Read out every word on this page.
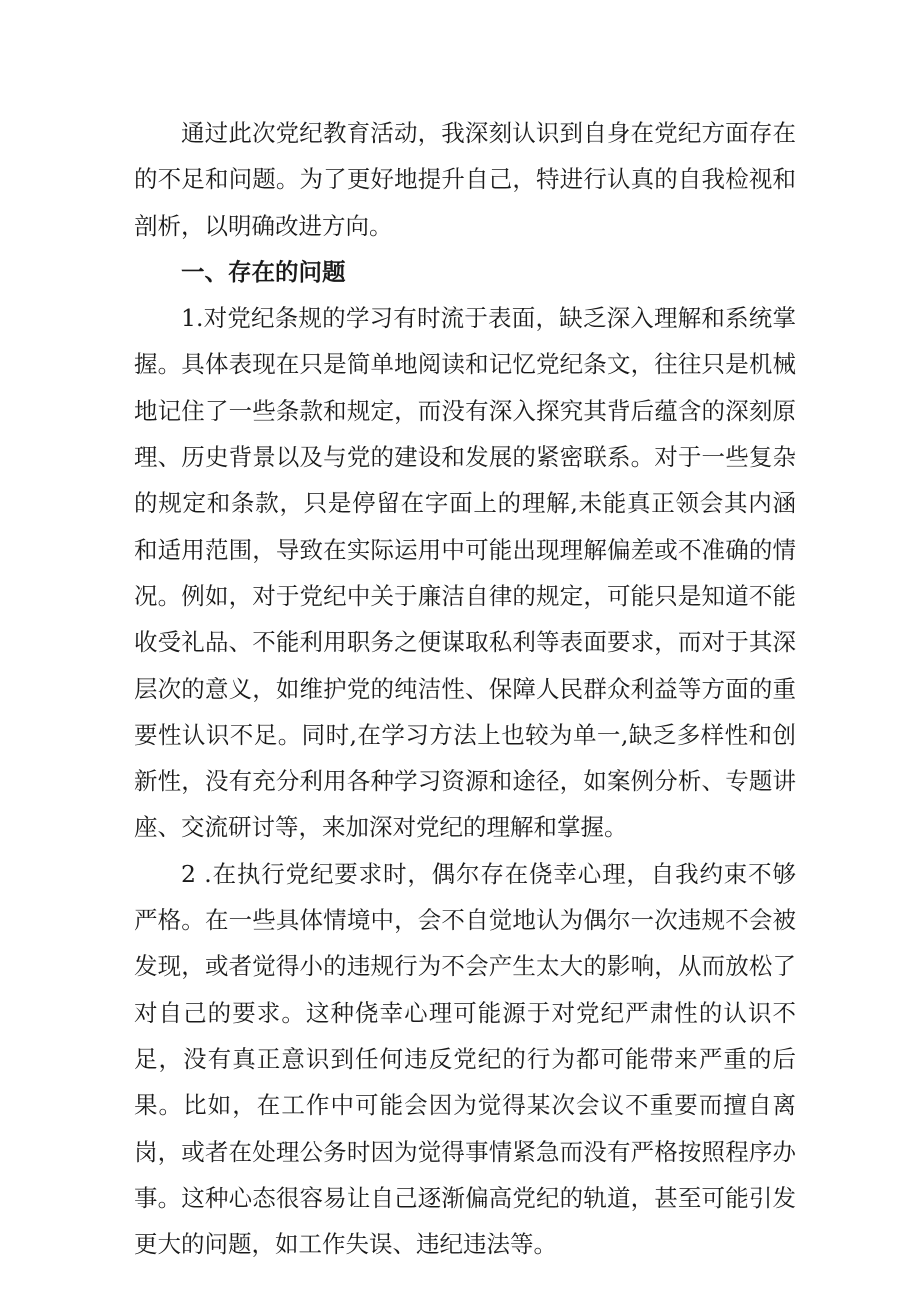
通过此次党纪教育活动，我深刻认识到自身在党纪方面存在的不足和问题。为了更好地提升自己，特进行认真的自我检视和剖析，以明确改进方向。

一、存在的问题

1.对党纪条规的学习有时流于表面，缺乏深入理解和系统掌握。具体表现在只是简单地阅读和记忆党纪条文，往往只是机械地记住了一些条款和规定，而没有深入探究其背后蕴含的深刻原理、历史背景以及与党的建设和发展的紧密联系。对于一些复杂的规定和条款，只是停留在字面上的理解,未能真正领会其内涵和适用范围，导致在实际运用中可能出现理解偏差或不准确的情况。例如，对于党纪中关于廉洁自律的规定，可能只是知道不能收受礼品、不能利用职务之便谋取私利等表面要求，而对于其深层次的意义，如维护党的纯洁性、保障人民群众利益等方面的重要性认识不足。同时,在学习方法上也较为单一,缺乏多样性和创新性，没有充分利用各种学习资源和途径，如案例分析、专题讲座、交流研讨等，来加深对党纪的理解和掌握。

2 .在执行党纪要求时，偶尔存在侥幸心理，自我约束不够严格。在一些具体情境中，会不自觉地认为偶尔一次违规不会被发现，或者觉得小的违规行为不会产生太大的影响，从而放松了对自己的要求。这种侥幸心理可能源于对党纪严肃性的认识不足，没有真正意识到任何违反党纪的行为都可能带来严重的后果。比如，在工作中可能会因为觉得某次会议不重要而擅自离岗，或者在处理公务时因为觉得事情紧急而没有严格按照程序办事。这种心态很容易让自己逐渐偏高党纪的轨道，甚至可能引发更大的问题，如工作失误、违纪违法等。
